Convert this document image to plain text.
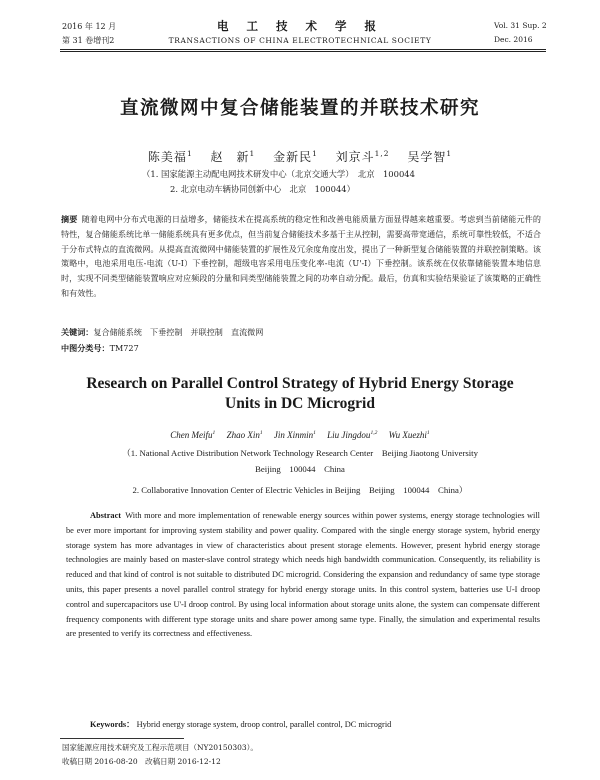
2016 年 12 月
第 31 卷增刊2
电 工 技 术 学 报
TRANSACTIONS OF CHINA ELECTROTECHNICAL SOCIETY
Vol. 31 Sup. 2
Dec. 2016
直流微网中复合储能装置的并联技术研究
陈美福$^1$  赵　新$^1$  金新民$^1$  刘京斗$^{1,2}$  吴学智$^1$
（1. 国家能源主动配电网技术研发中心（北京交通大学）　北京　100044
2. 北京电动车辆协同创新中心　北京　100044）
摘要  随着电网中分布式电源的日益增多，储能技术在提高系统的稳定性和改善电能质量方面显得越来越重要。考虑到当前储能元件的特性，复合储能系统比单一储能系统具有更多优点，但当前复合储能技术多基于主从控制，需要高带宽通信，系统可靠性较低，不适合于分布式特点的直流微网。从提高直流微网中储能装置的扩展性及冗余度角度出发，提出了一种新型复合储能装置的并联控制策略。该策略中，电池采用电压-电流（U-I）下垂控制，超级电容采用电压变化率-电流（U'-I）下垂控制。该系统在仅依靠储能装置本地信息时，实现不同类型储能装置响应对应频段的分量和同类型储能装置之间的功率自动分配。最后，仿真和实验结果验证了该策略的正确性和有效性。
关键词：复合储能系统　下垂控制　并联控制　直流微网
中图分类号：TM727
Research on Parallel Control Strategy of Hybrid Energy Storage
Units in DC Microgrid
Chen Meifu$^1$  Zhao Xin$^1$  Jin Xinmin$^1$  Liu Jingdou$^{1,2}$  Wu Xuezhi$^1$
（1. National Active Distribution Network Technology Research Center　Beijing Jiaotong University
Beijing　100044　China
2. Collaborative Innovation Center of Electric Vehicles in Beijing　Beijing　100044　China）
Abstract  With more and more implementation of renewable energy sources within power systems, energy storage technologies will be ever more important for improving system stability and power quality. Compared with the single energy storage system, hybrid energy storage system has more advantages in view of characteristics about present storage elements. However, present hybrid energy storage technologies are mainly based on master-slave control strategy which needs high bandwidth communication. Consequently, its reliability is reduced and that kind of control is not suitable to distributed DC microgrid. Considering the expansion and redundancy of same type storage units, this paper presents a novel parallel control strategy for hybrid energy storage units. In this control system, batteries use U-I droop control and supercapacitors use U'-I droop control. By using local information about storage units alone, the system can compensate different frequency components with different type storage units and share power among same type. Finally, the simulation and experimental results are presented to verify its correctness and effectiveness.
Keywords： Hybrid energy storage system, droop control, parallel control, DC microgrid
国家能源应用技术研究及工程示范项目（NY20150303）。
收稿日期 2016-08-20　改稿日期 2016-12-12
